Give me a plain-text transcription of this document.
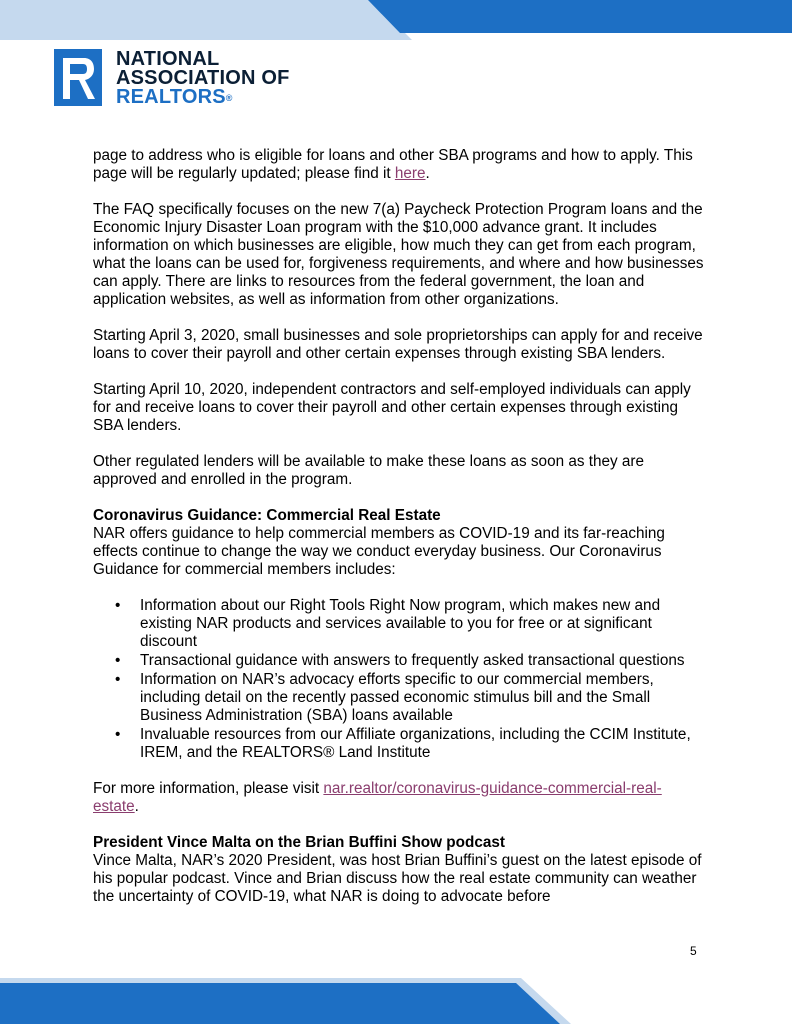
NATIONAL
ASSOCIATION OF
REALTORS®

page to address who is eligible for loans and other SBA programs and how to apply. This page will be regularly updated; please find it here.

The FAQ specifically focuses on the new 7(a) Paycheck Protection Program loans and the Economic Injury Disaster Loan program with the $10,000 advance grant. It includes information on which businesses are eligible, how much they can get from each program, what the loans can be used for, forgiveness requirements, and where and how businesses can apply. There are links to resources from the federal government, the loan and application websites, as well as information from other organizations.

Starting April 3, 2020, small businesses and sole proprietorships can apply for and receive loans to cover their payroll and other certain expenses through existing SBA lenders.

Starting April 10, 2020, independent contractors and self-employed individuals can apply for and receive loans to cover their payroll and other certain expenses through existing SBA lenders.

Other regulated lenders will be available to make these loans as soon as they are approved and enrolled in the program.

Coronavirus Guidance: Commercial Real Estate

NAR offers guidance to help commercial members as COVID-19 and its far-reaching effects continue to change the way we conduct everyday business. Our Coronavirus Guidance for commercial members includes:

• Information about our Right Tools Right Now program, which makes new and existing NAR products and services available to you for free or at significant discount
• Transactional guidance with answers to frequently asked transactional questions
• Information on NAR’s advocacy efforts specific to our commercial members, including detail on the recently passed economic stimulus bill and the Small Business Administration (SBA) loans available
• Invaluable resources from our Affiliate organizations, including the CCIM Institute, IREM, and the REALTORS® Land Institute

For more information, please visit nar.realtor/coronavirus-guidance-commercial-real-estate.

President Vince Malta on the Brian Buffini Show podcast

Vince Malta, NAR’s 2020 President, was host Brian Buffini’s guest on the latest episode of his popular podcast. Vince and Brian discuss how the real estate community can weather the uncertainty of COVID-19, what NAR is doing to advocate before

5
